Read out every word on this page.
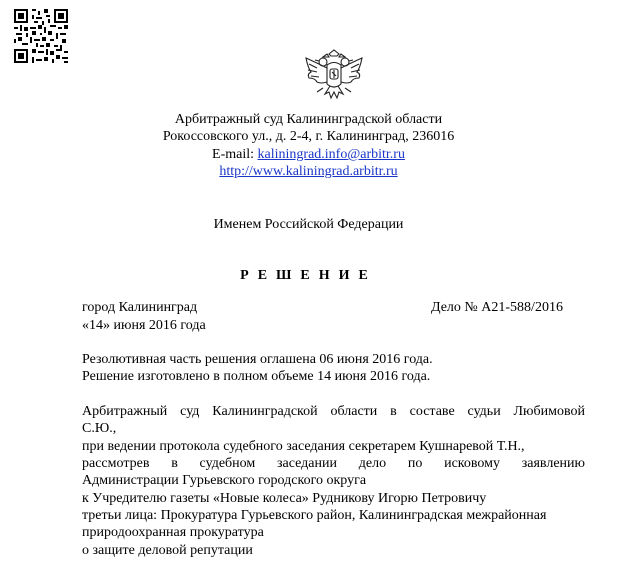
Арбитражный суд Калининградской области
Рокоссовского ул., д. 2-4, г. Калининград, 236016
E-mail: kaliningrad.info@arbitr.ru
http://www.kaliningrad.arbitr.ru
Именем Российской Федерации
РЕШЕНИЕ
город Калининград	Дело № А21-588/2016
«14» июня 2016 года
Резолютивная часть решения оглашена 06 июня 2016 года.
Решение изготовлено в полном объеме 14 июня 2016 года.
Арбитражный суд Калининградской области в составе судьи Любимовой
С.Ю.,
при ведении протокола судебного заседания секретарем Кушнаревой Т.Н.,
рассмотрев в судебном заседании дело по исковому заявлению
Администрации Гурьевского городского округа
к Учредителю газеты «Новые колеса» Рудникову Игорю Петровичу
третьи лица: Прокуратура Гурьевского район, Калининградская межрайонная
природоохранная прокуратура
о защите деловой репутации
